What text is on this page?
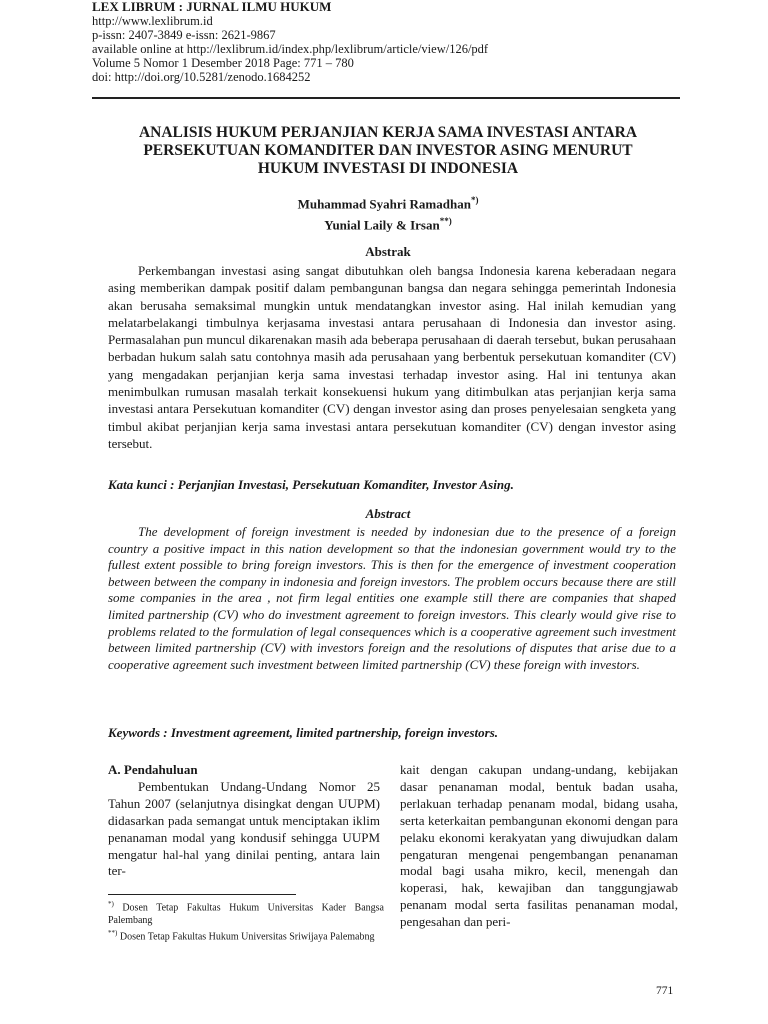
LEX LIBRUM : JURNAL ILMU HUKUM
http://www.lexlibrum.id
p-issn: 2407-3849 e-issn: 2621-9867
available online at http://lexlibrum.id/index.php/lexlibrum/article/view/126/pdf
Volume 5 Nomor 1 Desember 2018 Page: 771 – 780
doi: http://doi.org/10.5281/zenodo.1684252
ANALISIS HUKUM PERJANJIAN KERJA SAMA INVESTASI ANTARA
PERSEKUTUAN KOMANDITER DAN INVESTOR ASING MENURUT
HUKUM INVESTASI DI INDONESIA
Muhammad Syahri Ramadhan*)
Yunial Laily & Irsan**)
Abstrak
Perkembangan investasi asing sangat dibutuhkan oleh bangsa Indonesia karena keberadaan negara asing memberikan dampak positif dalam pembangunan bangsa dan negara sehingga pemerintah Indonesia akan berusaha semaksimal mungkin untuk mendatangkan investor asing. Hal inilah kemudian yang melatarbelakangi timbulnya kerjasama investasi antara perusahaan di Indonesia dan investor asing. Permasalahan pun muncul dikarenakan masih ada beberapa perusahaan di daerah tersebut, bukan perusahaan berbadan hukum salah satu contohnya masih ada perusahaan yang berbentuk persekutuan komanditer (CV) yang mengadakan perjanjian kerja sama investasi terhadap investor asing. Hal ini tentunya akan menimbulkan rumusan masalah terkait konsekuensi hukum yang ditimbulkan atas perjanjian kerja sama investasi antara Persekutuan komanditer (CV) dengan investor asing dan proses penyelesaian sengketa yang timbul akibat perjanjian kerja sama investasi antara persekutuan komanditer (CV) dengan investor asing tersebut.
Kata kunci : Perjanjian Investasi, Persekutuan Komanditer, Investor Asing.
Abstract
The development of foreign investment is needed by indonesian due to the presence of a foreign country a positive impact in this nation development so that the indonesian government would try to the fullest extent possible to bring foreign investors. This is then for the emergence of investment cooperation between between the company in indonesia and foreign investors. The problem occurs because there are still some companies in the area , not firm legal entities one example still there are companies that shaped limited partnership (CV) who do investment agreement to foreign investors. This clearly would give rise to problems related to the formulation of legal consequences which is a cooperative agreement such investment between limited partnership (CV) with investors foreign and the resolutions of disputes that arise due to a cooperative agreement such investment between limited partnership (CV) these foreign with investors.
Keywords : Investment agreement, limited partnership, foreign investors.
A. Pendahuluan

Pembentukan Undang-Undang Nomor 25 Tahun 2007 (selanjutnya disingkat dengan UUPM) didasarkan pada semangat untuk menciptakan iklim penanaman modal yang kondusif sehingga UUPM mengatur hal-hal yang dinilai penting, antara lain ter-

kait dengan cakupan undang-undang, kebijakan dasar penanaman modal, bentuk badan usaha, perlakuan terhadap penanam modal, bidang usaha, serta keterkaitan pembangunan ekonomi dengan para pelaku ekonomi kerakyatan yang diwujudkan dalam pengaturan mengenai pengembangan penanaman modal bagi usaha mikro, kecil, menengah dan koperasi, hak, kewajiban dan tanggungjawab penanam modal serta fasilitas penanaman modal, pengesahan dan peri-

*) Dosen Tetap Fakultas Hukum Universitas Kader Bangsa Palembang
**) Dosen Tetap Fakultas Hukum Universitas Sriwijaya Palemabng
771
